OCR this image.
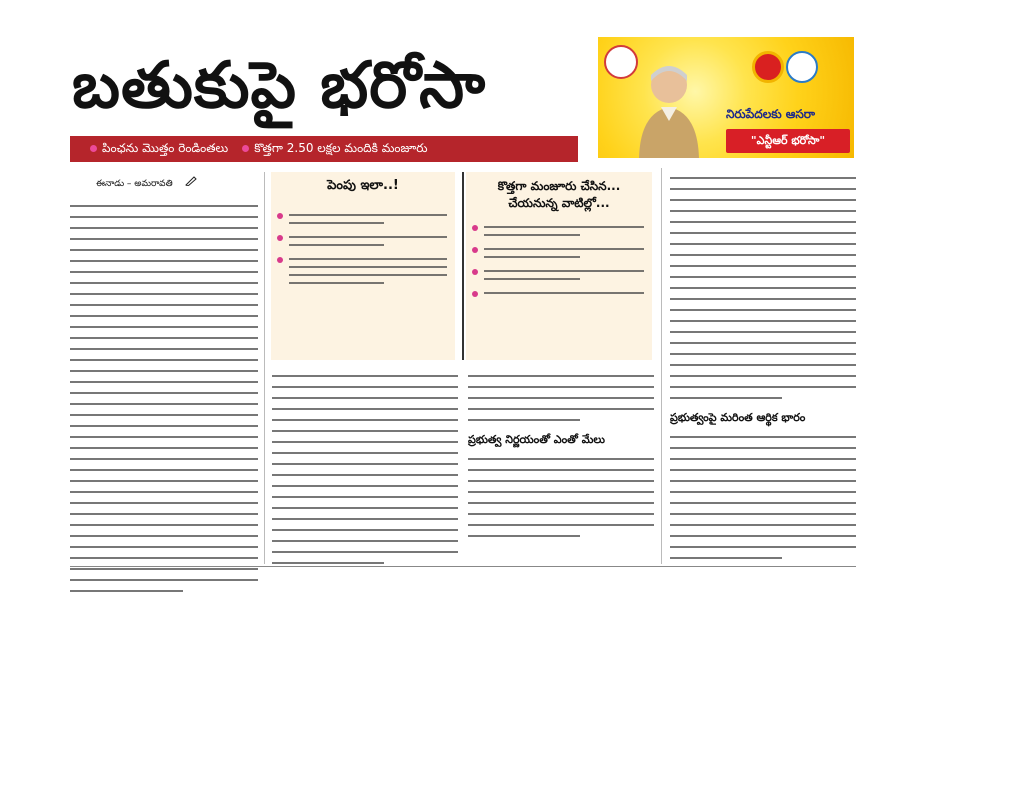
బతుకుపై భరోసా
పింఛను మొత్తం రెండింతలు	కొత్తగా 2.50 లక్షల మందికి మంజూరు
నిరుపేదలకు ఆసరా
"ఎన్టీఆర్ భరోసా"
ఈనాడు – అమరావతి	పెంపు ఇలా..!	కొత్తగా మంజూరు చేసిన...
చేయనున్న వాటిల్లో...
ప్రభుత్వ నిర్ణయంతో ఎంతో మేలు
ప్రభుత్వంపై మరింత ఆర్థిక భారం
